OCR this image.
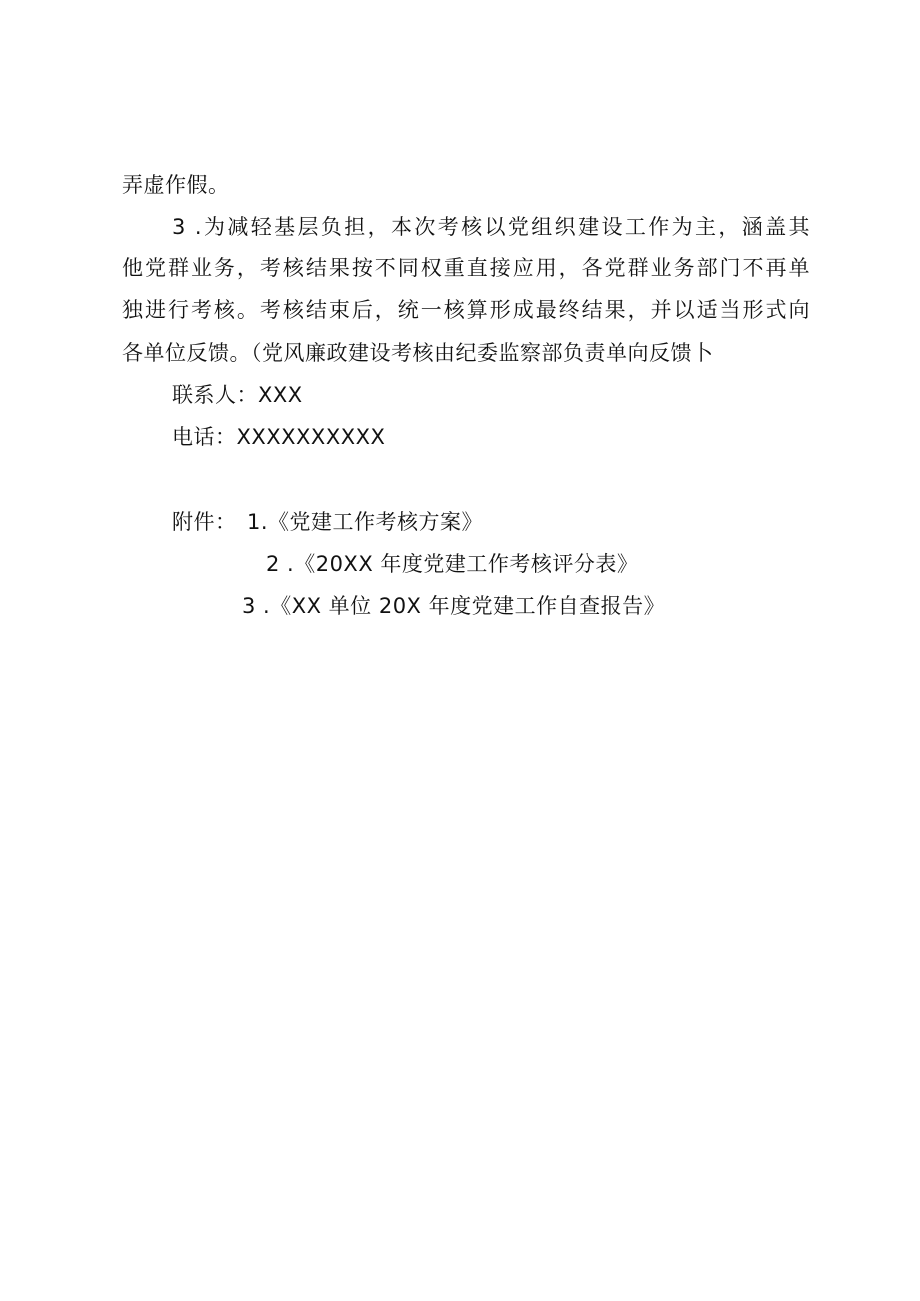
弄虚作假。
3 .为减轻基层负担，本次考核以党组织建设工作为主，涵盖其
他党群业务，考核结果按不同权重直接应用，各党群业务部门不再单
独进行考核。考核结束后，统一核算形成最终结果，并以适当形式向
各单位反馈。（党风廉政建设考核由纪委监察部负责单向反馈卜
联系人：XXX
电话：XXXXXXXXXX
附件： 1.《党建工作考核方案》
2 .《20XX 年度党建工作考核评分表》
3 .《XX 单位 20X 年度党建工作自查报告》
